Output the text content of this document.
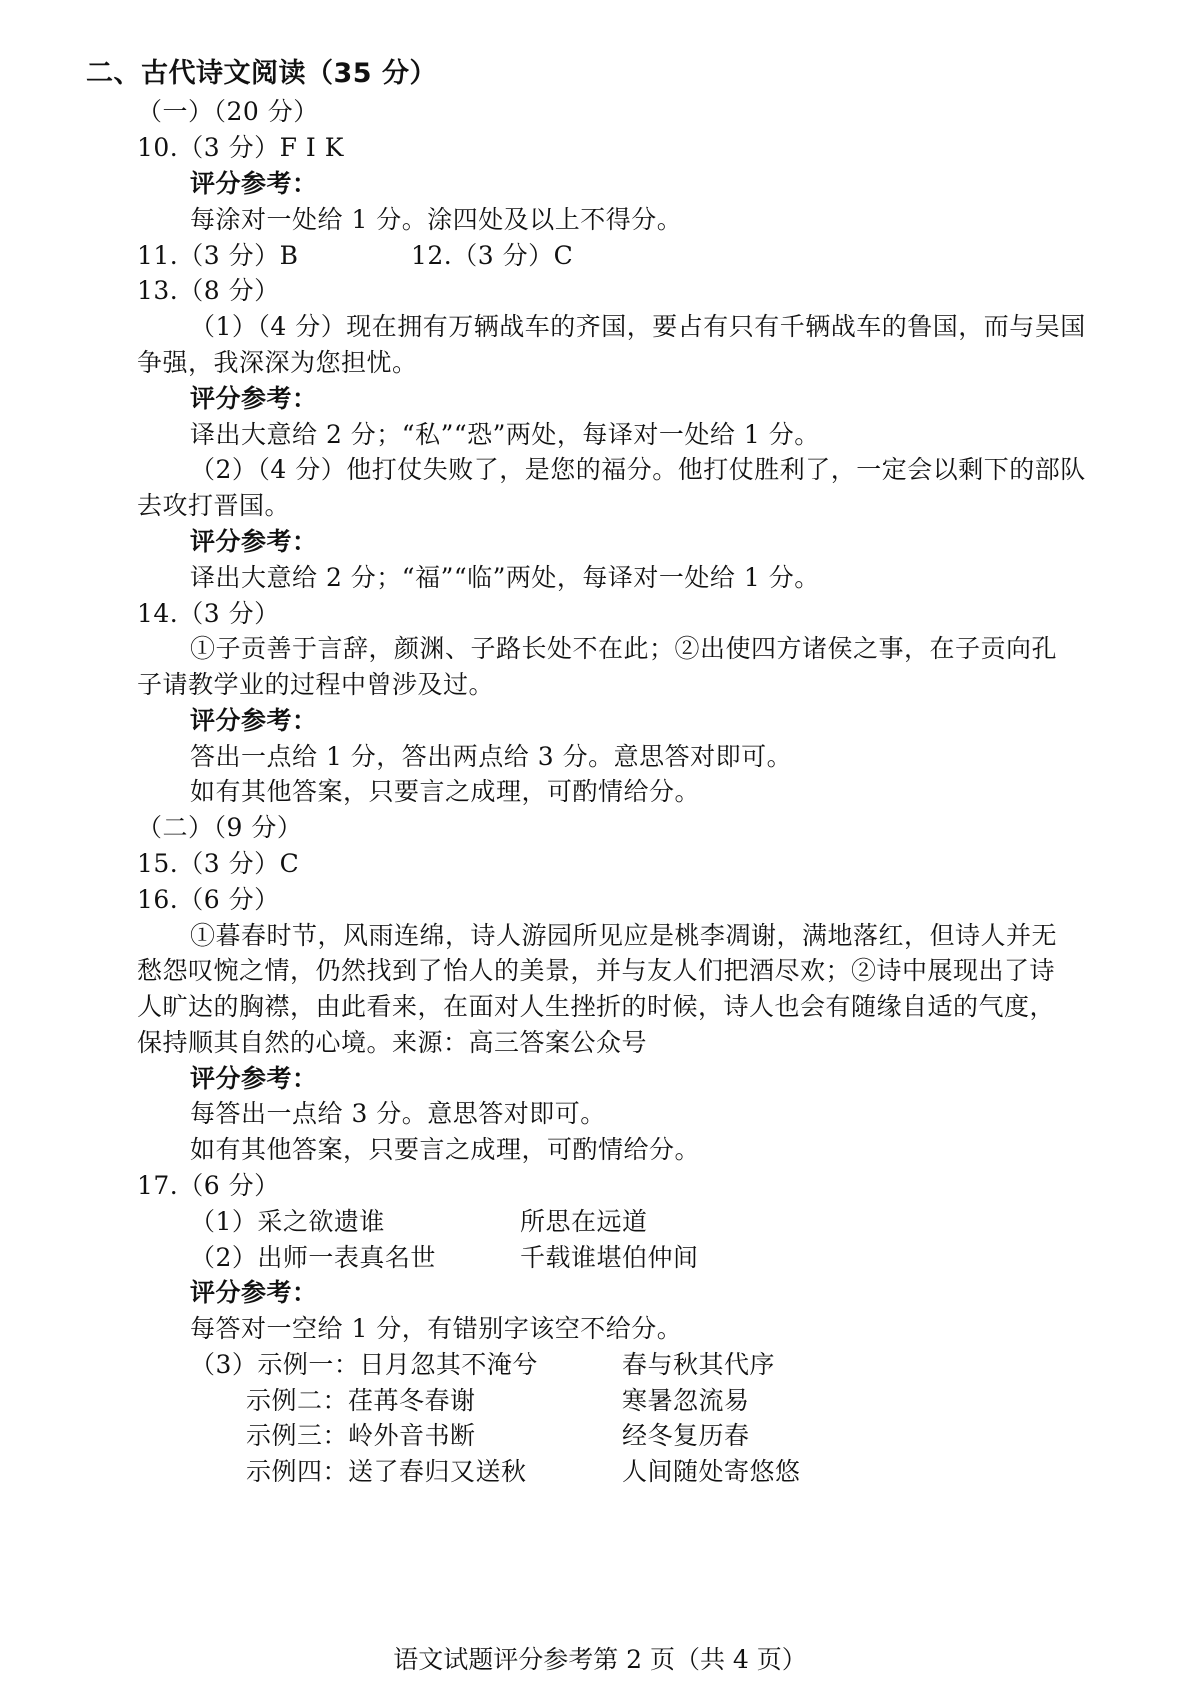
二、古代诗文阅读（35 分）
（一）（20 分）
10.（3 分）F I K
评分参考：
每涂对一处给 1 分。涂四处及以上不得分。
11.（3 分）B	12.（3 分）C
13.（8 分）
（1）（4 分）现在拥有万辆战车的齐国，要占有只有千辆战车的鲁国，而与吴国
争强，我深深为您担忧。
评分参考：
译出大意给 2 分；“私”“恐”两处，每译对一处给 1 分。
（2）（4 分）他打仗失败了，是您的福分。他打仗胜利了，一定会以剩下的部队
去攻打晋国。
评分参考：
译出大意给 2 分；“福”“临”两处，每译对一处给 1 分。
14.（3 分）
①子贡善于言辞，颜渊、子路长处不在此；②出使四方诸侯之事，在子贡向孔
子请教学业的过程中曾涉及过。
评分参考：
答出一点给 1 分，答出两点给 3 分。意思答对即可。
如有其他答案，只要言之成理，可酌情给分。
（二）（9 分）
15.（3 分）C
16.（6 分）
①暮春时节，风雨连绵，诗人游园所见应是桃李凋谢，满地落红，但诗人并无
愁怨叹惋之情，仍然找到了怡人的美景，并与友人们把酒尽欢；②诗中展现出了诗
人旷达的胸襟，由此看来，在面对人生挫折的时候，诗人也会有随缘自适的气度，
保持顺其自然的心境。来源：高三答案公众号
评分参考：
每答出一点给 3 分。意思答对即可。
如有其他答案，只要言之成理，可酌情给分。
17.（6 分）
（1）采之欲遗谁	所思在远道
（2）出师一表真名世	千载谁堪伯仲间
评分参考：
每答对一空给 1 分，有错别字该空不给分。
（3）示例一：日月忽其不淹兮	春与秋其代序
示例二：荏苒冬春谢	寒暑忽流易
示例三：岭外音书断	经冬复历春
示例四：送了春归又送秋	人间随处寄悠悠
语文试题评分参考第 2 页（共 4 页）
